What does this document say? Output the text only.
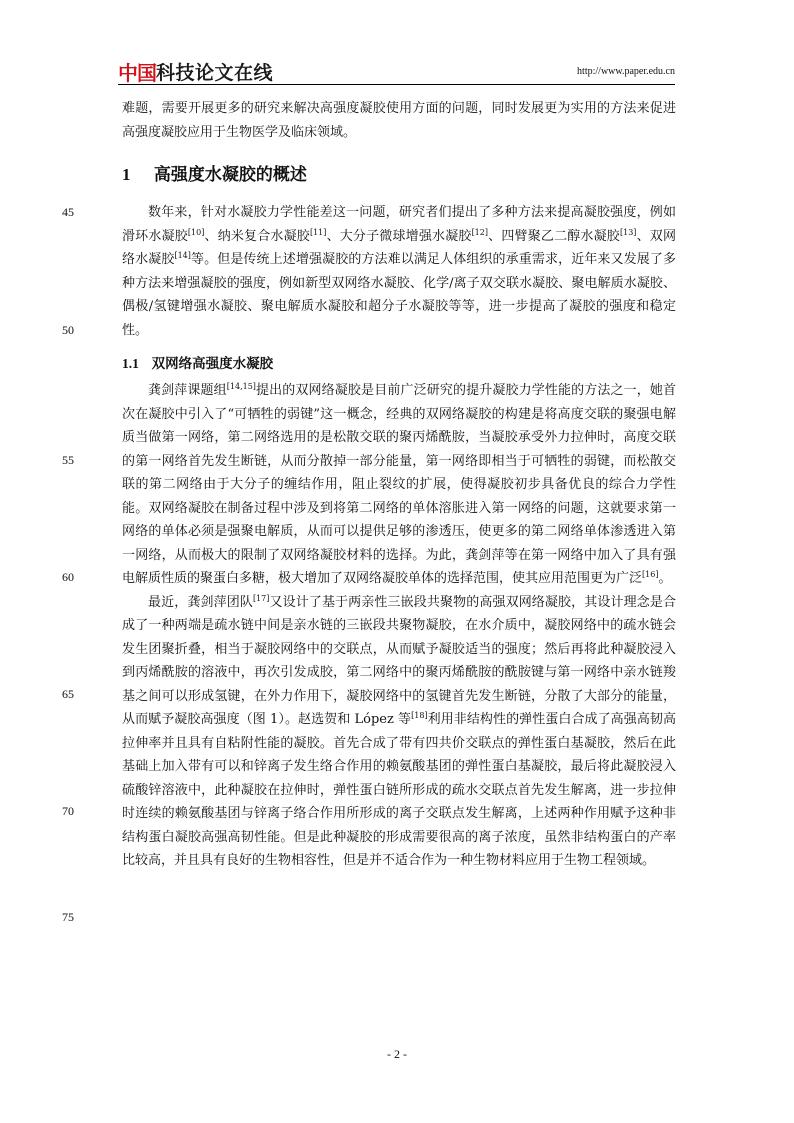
中国 科技论文在线	http://www.paper.edu.cn

难题，需要开展更多的研究来解决高强度凝胶使用方面的问题，同时发展更为实用的方法来促进高强度凝胶应用于生物医学及临床领域。

1 高强度水凝胶的概述

数年来，针对水凝胶力学性能差这一问题，研究者们提出了多种方法来提高凝胶强度，例如滑环水凝胶[10]、纳米复合水凝胶[11]、大分子微球增强水凝胶[12]、四臂聚乙二醇水凝胶[13]、双网络水凝胶[14]等。但是传统上述增强凝胶的方法难以满足人体组织的承重需求，近年来又发展了多种方法来增强凝胶的强度，例如新型双网络水凝胶、化学/离子双交联水凝胶、聚电解质水凝胶、偶极/氢键增强水凝胶、聚电解质水凝胶和超分子水凝胶等等，进一步提高了凝胶的强度和稳定性。

1.1 双网络高强度水凝胶

龚剑萍课题组[14,15]提出的双网络凝胶是目前广泛研究的提升凝胶力学性能的方法之一，她首次在凝胶中引入了“可牺牲的弱键”这一概念，经典的双网络凝胶的构建是将高度交联的聚强电解质当做第一网络，第二网络选用的是松散交联的聚丙烯酰胺，当凝胶承受外力拉伸时，高度交联的第一网络首先发生断链，从而分散掉一部分能量，第一网络即相当于可牺牲的弱键，而松散交联的第二网络由于大分子的缠结作用，阻止裂纹的扩展，使得凝胶初步具备优良的综合力学性能。双网络凝胶在制备过程中涉及到将第二网络的单体溶胀进入第一网络的问题，这就要求第一网络的单体必须是强聚电解质，从而可以提供足够的渗透压，使更多的第二网络单体渗透进入第一网络，从而极大的限制了双网络凝胶材料的选择。为此，龚剑萍等在第一网络中加入了具有强电解质性质的聚蛋白多糖，极大增加了双网络凝胶单体的选择范围，使其应用范围更为广泛[16]。

最近，龚剑萍团队[17]又设计了基于两亲性三嵌段共聚物的高强双网络凝胶，其设计理念是合成了一种两端是疏水链中间是亲水链的三嵌段共聚物凝胶，在水介质中，凝胶网络中的疏水链会发生团聚折叠，相当于凝胶网络中的交联点，从而赋予凝胶适当的强度；然后再将此种凝胶浸入到丙烯酰胺的溶液中，再次引发成胶，第二网络中的聚丙烯酰胺的酰胺键与第一网络中亲水链羧基之间可以形成氢键，在外力作用下，凝胶网络中的氢键首先发生断链，分散了大部分的能量，从而赋予凝胶高强度（图 1）。赵选贺和 López 等[18]利用非结构性的弹性蛋白合成了高强高韧高拉伸率并且具有自粘附性能的凝胶。首先合成了带有四共价交联点的弹性蛋白基凝胶，然后在此基础上加入带有可以和锌离子发生络合作用的赖氨酸基团的弹性蛋白基凝胶，最后将此凝胶浸入硫酸锌溶液中，此种凝胶在拉伸时，弹性蛋白链所形成的疏水交联点首先发生解离，进一步拉伸时连续的赖氨酸基团与锌离子络合作用所形成的离子交联点发生解离，上述两种作用赋予这种非结构蛋白凝胶高强高韧性能。但是此种凝胶的形成需要很高的离子浓度，虽然非结构蛋白的产率比较高，并且具有良好的生物相容性，但是并不适合作为一种生物材料应用于生物工程领域。

45
50
55
60
65
70
75
- 2 -
